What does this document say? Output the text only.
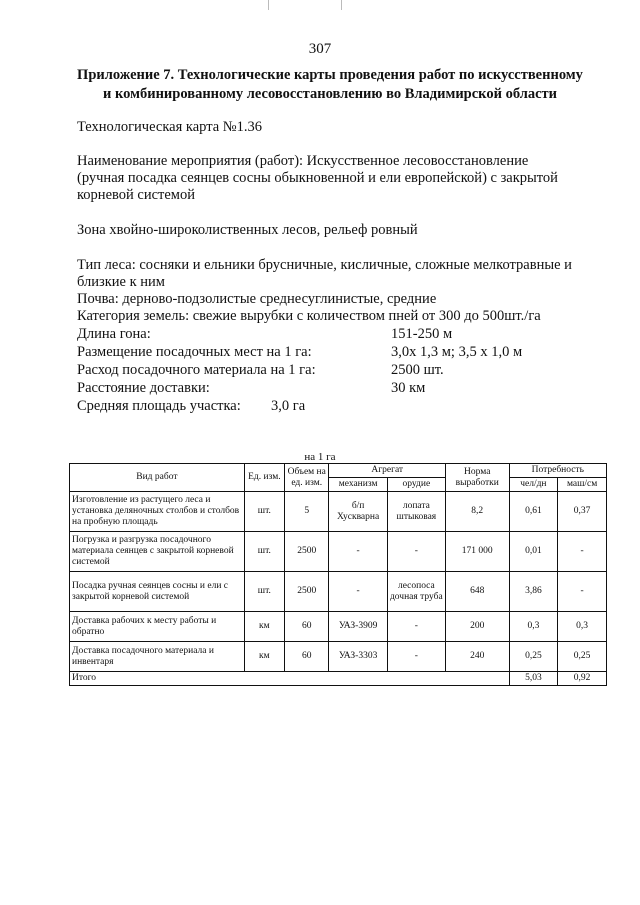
307
Приложение 7. Технологические карты проведения работ по искусственному
и комбинированному лесовосстановлению во Владимирской области
Технологическая карта №1.36
Наименование мероприятия (работ): Искусственное лесовосстановление
(ручная посадка сеянцев сосны обыкновенной и ели европейской) с закрытой
корневой системой
Зона хвойно-широколиственных лесов, рельеф ровный
Тип леса: сосняки и ельники брусничные, кисличные, сложные мелкотравные и
близкие к ним
Почва: дерново-подзолистые среднесуглинистые, средние
Категория земель: свежие вырубки с количеством пней от 300 до 500шт./га
Длина гона:	151-250 м
Размещение посадочных мест на 1 га:	3,0х 1,3 м; 3,5 х 1,0 м
Расход посадочного материала на 1 га:	2500 шт.
Расстояние доставки:	30 км
Средняя площадь участка: 3,0 га
на 1 га
Вид работ	Ед. изм.	Объем на ед. изм.	Агрегат		Норма выработки	Потребность	
			механизм	орудие		чел/дн	маш/см
Изготовление из растущего леса и установка деляночных столбов и столбов на пробную площадь	шт.	5	б/п Хускварна	лопата штыковая	8,2	0,61	0,37
Погрузка и разгрузка посадочного материала сеянцев с закрытой корневой системой	шт.	2500	-	-	171 000	0,01	-
Посадка ручная сеянцев сосны и ели с закрытой корневой системой	шт.	2500	-	лесопоса дочная труба	648	3,86	-
Доставка рабочих к месту работы и обратно	км	60	УАЗ-3909	-	200	0,3	0,3
Доставка посадочного материала и инвентаря	км	60	УАЗ-3303	-	240	0,25	0,25
Итого						5,03	0,92
